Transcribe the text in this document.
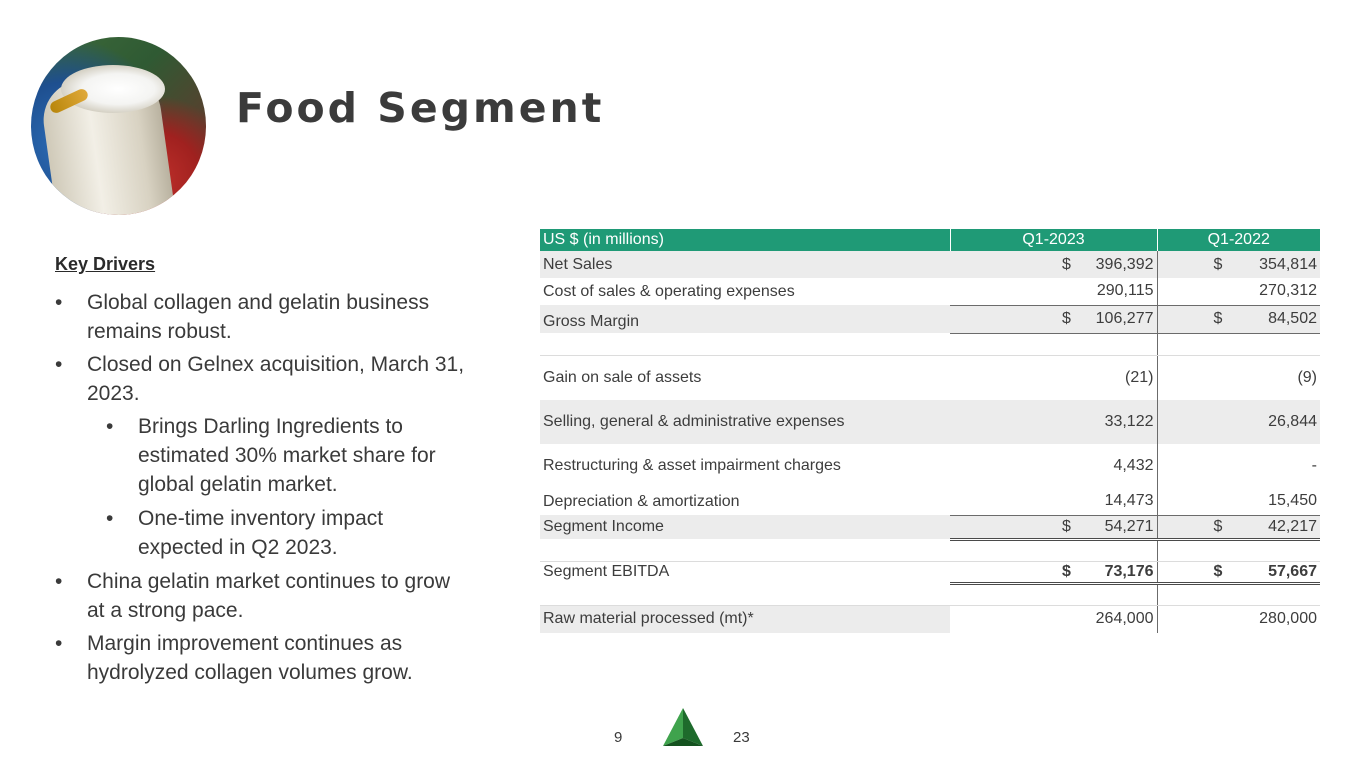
Food Segment
Key Drivers
•	Global collagen and gelatin business remains robust.
•	Closed on Gelnex acquisition, March 31, 2023.
•	Brings Darling Ingredients to estimated 30% market share for global gelatin market.
•	One-time inventory impact expected in Q2 2023.
•	China gelatin market continues to grow at a strong pace.
•	Margin improvement continues as hydrolyzed collagen volumes grow.
US $ (in millions)	Q1-2023	Q1-2022
Net Sales	$ 396,392	$ 354,814
Cost of sales & operating expenses	290,115	270,312
Gross Margin	$ 106,277	$ 84,502

Gain on sale of assets	(21)	(9)
Selling, general & administrative expenses	33,122	26,844
Restructuring & asset impairment charges	4,432	-
Depreciation & amortization	14,473	15,450
Segment Income	$ 54,271	$ 42,217

Segment EBITDA	$ 73,176	$ 57,667

Raw material processed (mt)*	264,000	280,000
9	23
